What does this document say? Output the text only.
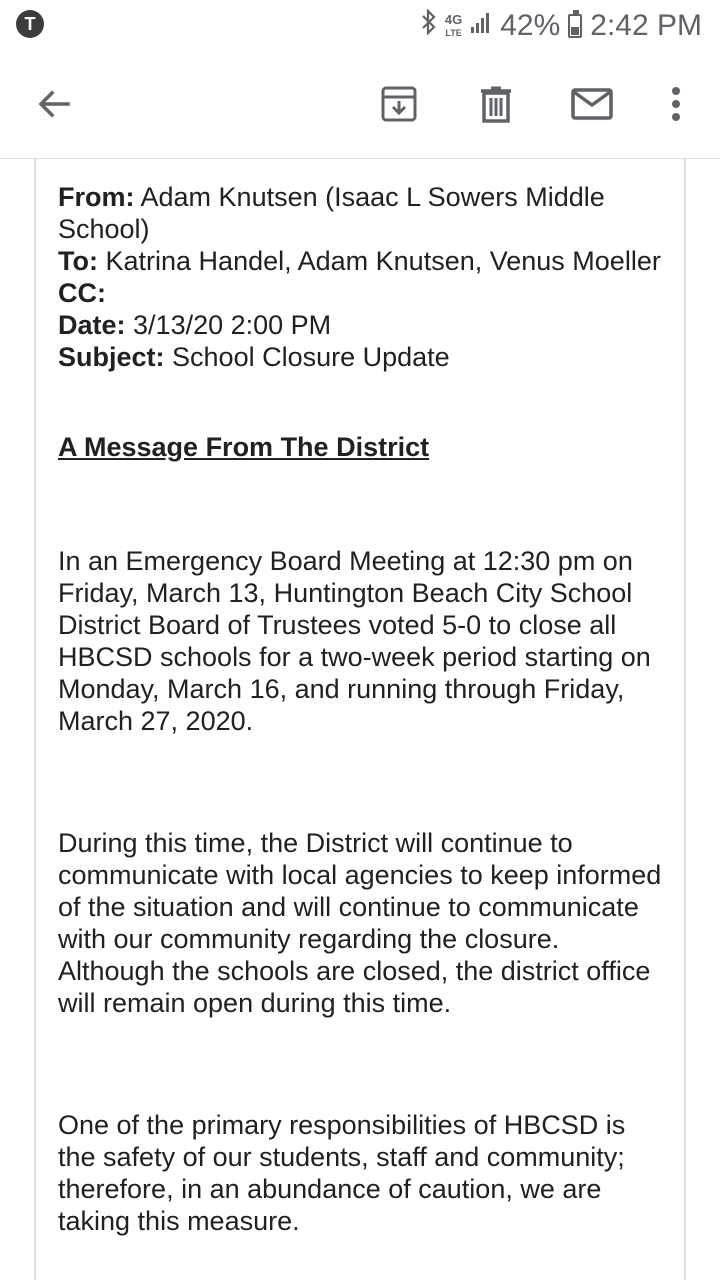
T	4G
LTE 42% 2:42 PM

From: Adam Knutsen (Isaac L Sowers Middle School)

To: Katrina Handel, Adam Knutsen, Venus Moeller

CC:

Date: 3/13/20 2:00 PM

Subject: School Closure Update

A Message From The District
In an Emergency Board Meeting at 12:30 pm on Friday, March 13, Huntington Beach City School District Board of Trustees voted 5-0 to close all HBCSD schools for a two-week period starting on Monday, March 16, and running through Friday, March 27, 2020.
During this time, the District will continue to communicate with local agencies to keep informed of the situation and will continue to communicate with our community regarding the closure. Although the schools are closed, the district office will remain open during this time.
One of the primary responsibilities of HBCSD is the safety of our students, staff and community; therefore, in an abundance of caution, we are taking this measure.
